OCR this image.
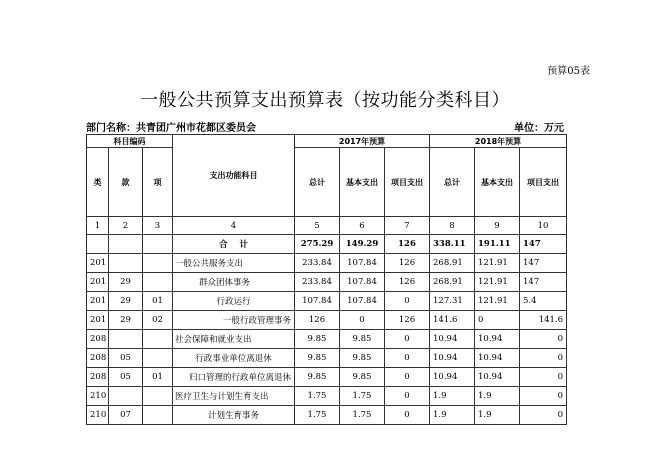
预算05表
一般公共预算支出预算表（按功能分类科目）
部门名称：共青团广州市花都区委员会	单位：万元
科目编码			支出功能科目	2017年预算			2018年预算		
类	款	项		总计	基本支出	项目支出	总计	基本支出	项目支出
1	2	3	4	5	6	7	8	9	10
			合    计	275.29	149.29	126	338.11	191.11	147
201			一般公共服务支出	233.84	107.84	126	268.91	121.91	147
201	29		群众团体事务	233.84	107.84	126	268.91	121.91	147
201	29	01	行政运行	107.84	107.84	0	127.31	121.91	5.4
201	29	02	一般行政管理事务	126	0	126	141.6	0	141.6
208			社会保障和就业支出	9.85	9.85	0	10.94	10.94	0
208	05		行政事业单位离退休	9.85	9.85	0	10.94	10.94	0
208	05	01	归口管理的行政单位离退休	9.85	9.85	0	10.94	10.94	0
210			医疗卫生与计划生育支出	1.75	1.75	0	1.9	1.9	0
210	07		计划生育事务	1.75	1.75	0	1.9	1.9	0
